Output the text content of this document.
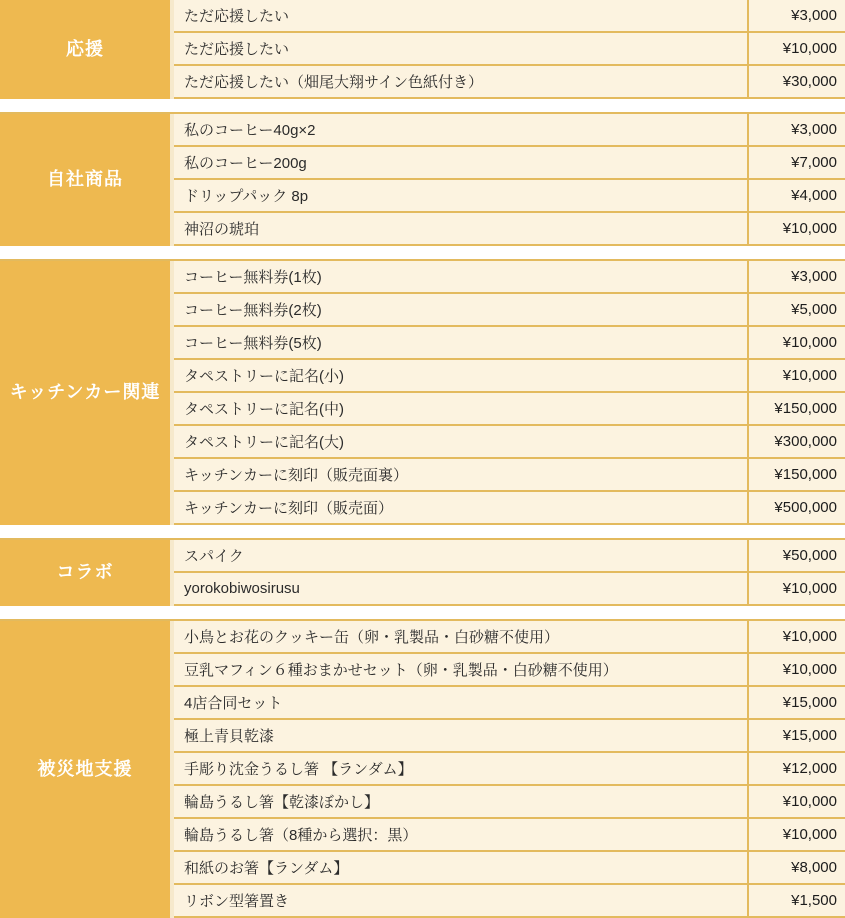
応援
ただ応援したい	¥3,000
ただ応援したい	¥10,000
ただ応援したい（畑尾大翔サイン色紙付き）	¥30,000
自社商品
私のコーヒー40g×2	¥3,000
私のコーヒー200g	¥7,000
ドリップパック 8p	¥4,000
神沼の琥珀	¥10,000
キッチンカー関連
コーヒー無料券(1枚)	¥3,000
コーヒー無料券(2枚)	¥5,000
コーヒー無料券(5枚)	¥10,000
タペストリーに記名(小)	¥10,000
タペストリーに記名(中)	¥150,000
タペストリーに記名(大)	¥300,000
キッチンカーに刻印（販売面裏）	¥150,000
キッチンカーに刻印（販売面）	¥500,000
コラボ
スパイク	¥50,000
yorokobiwosirusu	¥10,000
被災地支援
小鳥とお花のクッキー缶（卵・乳製品・白砂糖不使用）	¥10,000
豆乳マフィン６種おまかせセット（卵・乳製品・白砂糖不使用）	¥10,000
4店合同セット	¥15,000
極上青貝乾漆	¥15,000
手彫り沈金うるし箸 【ランダム】	¥12,000
輪島うるし箸【乾漆ぼかし】	¥10,000
輪島うるし箸（8種から選択：黒）	¥10,000
和紙のお箸【ランダム】	¥8,000
リボン型箸置き	¥1,500
